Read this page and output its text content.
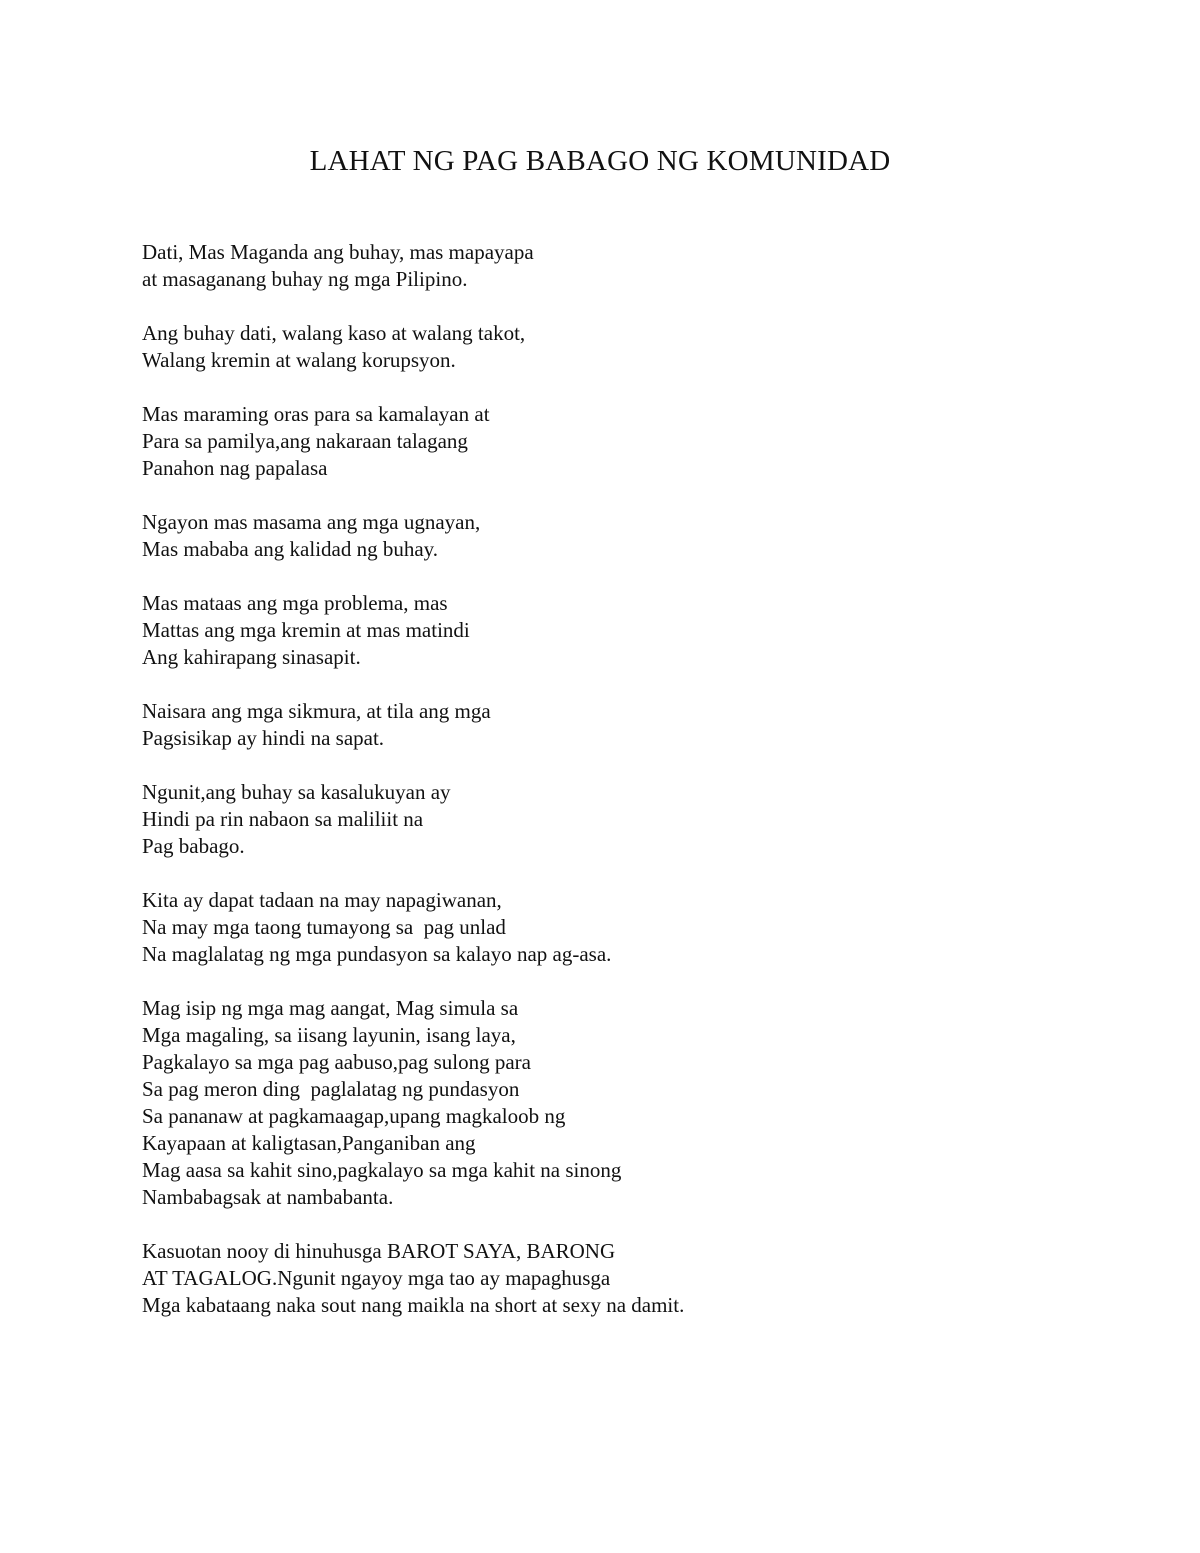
LAHAT NG PAG BABAGO NG KOMUNIDAD
Dati, Mas Maganda ang buhay, mas mapayapa
at masaganang buhay ng mga Pilipino.
Ang buhay dati, walang kaso at walang takot,
Walang kremin at walang korupsyon.
Mas maraming oras para sa kamalayan at
Para sa pamilya,ang nakaraan talagang
Panahon nag papalasa
Ngayon mas masama ang mga ugnayan,
Mas mababa ang kalidad ng buhay.
Mas mataas ang mga problema, mas
Mattas ang mga kremin at mas matindi
Ang kahirapang sinasapit.
Naisara ang mga sikmura, at tila ang mga
Pagsisikap ay hindi na sapat.
Ngunit,ang buhay sa kasalukuyan ay
Hindi pa rin nabaon sa maliliit na
Pag babago.
Kita ay dapat tadaan na may napagiwanan,
Na may mga taong tumayong sa  pag unlad
Na maglalatag ng mga pundasyon sa kalayo nap ag-asa.
Mag isip ng mga mag aangat, Mag simula sa
Mga magaling, sa iisang layunin, isang laya,
Pagkalayo sa mga pag aabuso,pag sulong para
Sa pag meron ding  paglalatag ng pundasyon
Sa pananaw at pagkamaagap,upang magkaloob ng
Kayapaan at kaligtasan,Panganiban ang
Mag aasa sa kahit sino,pagkalayo sa mga kahit na sinong
Nambabagsak at nambabanta.
Kasuotan nooy di hinuhusga BAROT SAYA, BARONG
AT TAGALOG.Ngunit ngayoy mga tao ay mapaghusga
Mga kabataang naka sout nang maikla na short at sexy na damit.
